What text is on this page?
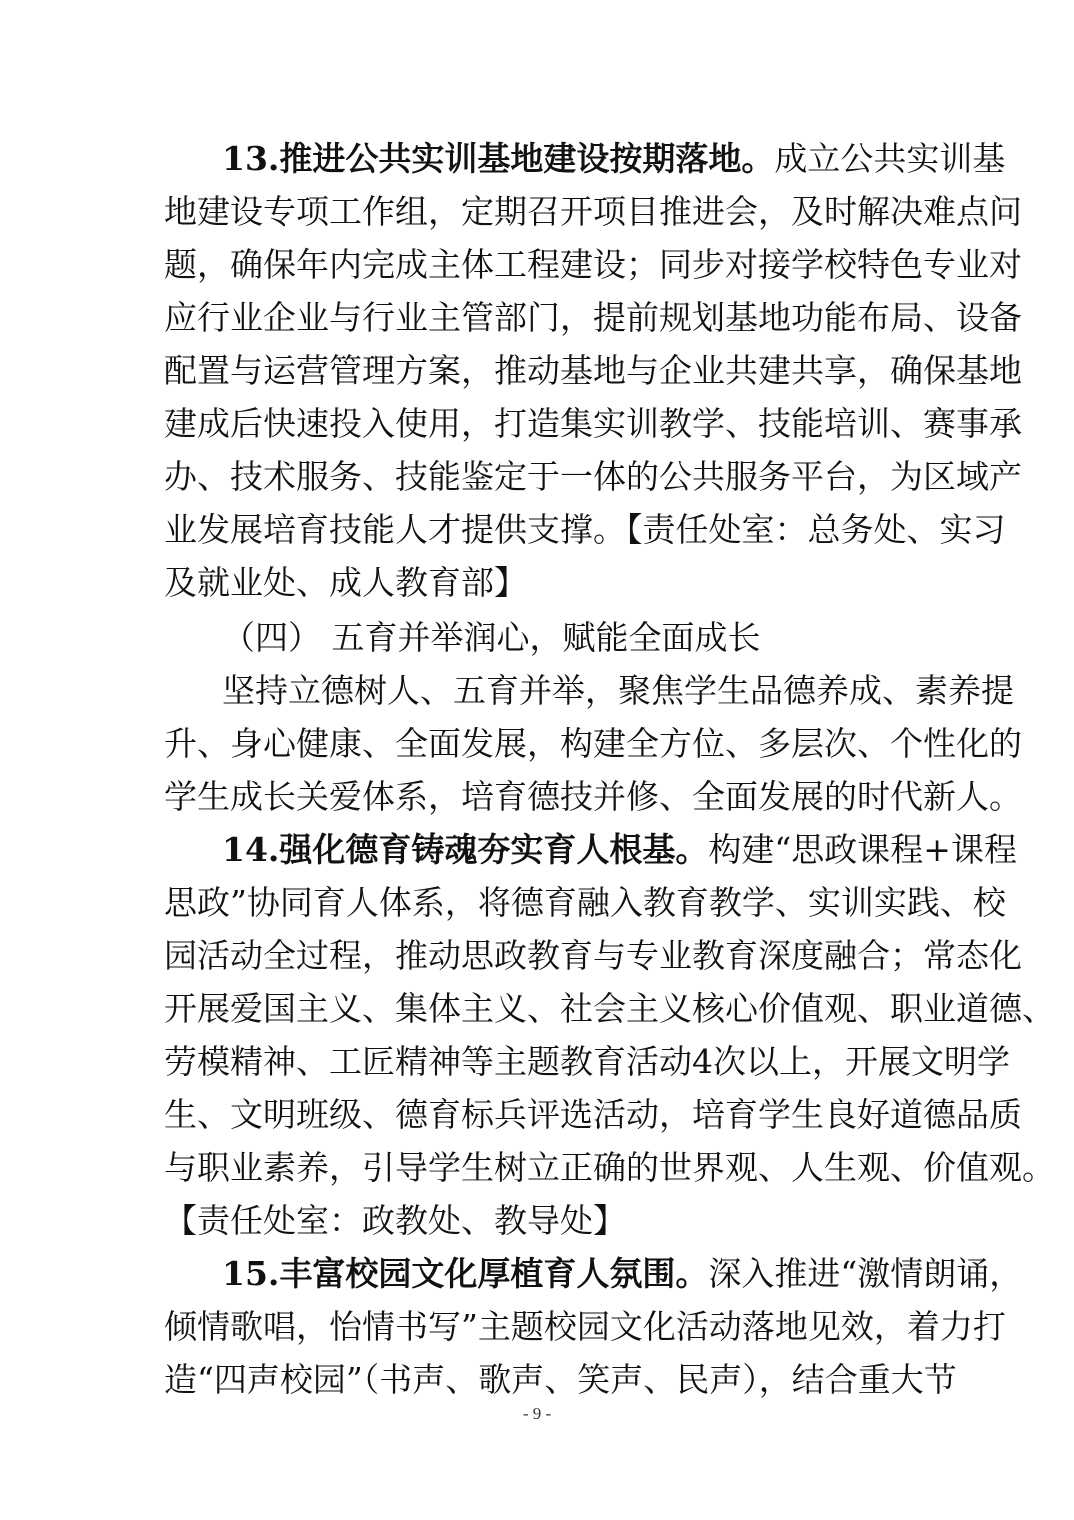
13.推进公共实训基地建设按期落地。成立公共实训基
地建设专项工作组，定期召开项目推进会，及时解决难点问
题，确保年内完成主体工程建设；同步对接学校特色专业对
应行业企业与行业主管部门，提前规划基地功能布局、设备
配置与运营管理方案，推动基地与企业共建共享，确保基地
建成后快速投入使用，打造集实训教学、技能培训、赛事承
办、技术服务、技能鉴定于一体的公共服务平台，为区域产
业发展培育技能人才提供支撑。【责任处室：总务处、实习
及就业处、成人教育部】
（四） 五育并举润心，赋能全面成长
坚持立德树人、五育并举，聚焦学生品德养成、素养提
升、身心健康、全面发展，构建全方位、多层次、个性化的
学生成长关爱体系，培育德技并修、全面发展的时代新人。
14.强化德育铸魂夯实育人根基。构建“思政课程+课程
思政”协同育人体系，将德育融入教育教学、实训实践、校
园活动全过程，推动思政教育与专业教育深度融合；常态化
开展爱国主义、集体主义、社会主义核心价值观、职业道德、
劳模精神、工匠精神等主题教育活动4次以上，开展文明学
生、文明班级、德育标兵评选活动，培育学生良好道德品质
与职业素养，引导学生树立正确的世界观、人生观、价值观。
【责任处室：政教处、教导处】
15.丰富校园文化厚植育人氛围。深入推进“激情朗诵，
倾情歌唱，怡情书写”主题校园文化活动落地见效，着力打
造“四声校园”（书声、歌声、笑声、民声），结合重大节
- 9 -
